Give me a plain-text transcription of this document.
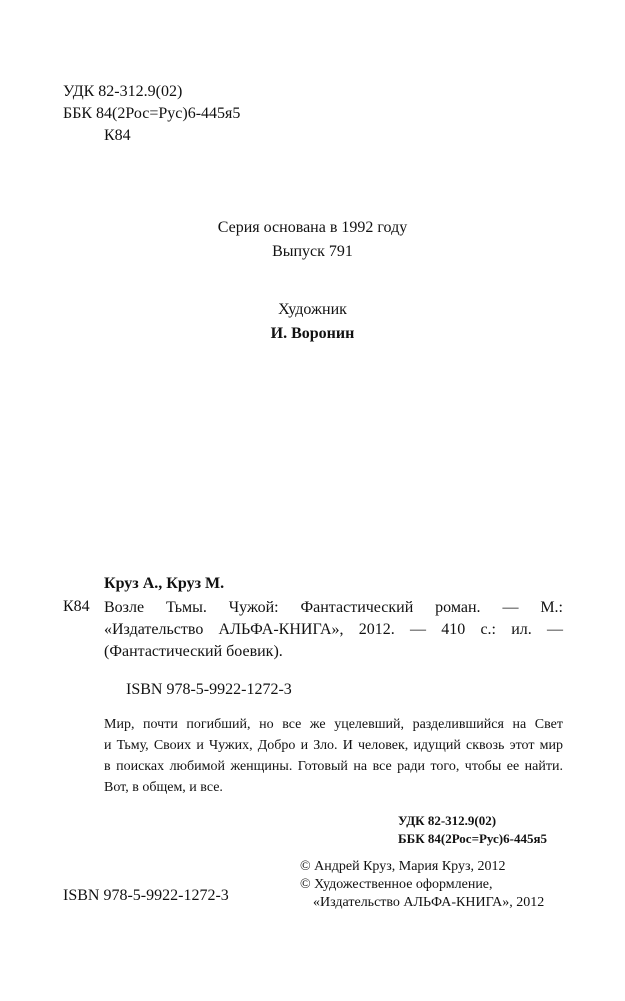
УДК 82-312.9(02)
ББК 84(2Рос=Рус)6-445я5
К84
Серия основана в 1992 году
Выпуск 791
Художник
И. Воронин
Круз А., Круз М.
К84 Возле Тьмы. Чужой: Фантастический роман. — М.:
«Издательство АЛЬФА-КНИГА», 2012. — 410 с.: ил. —
(Фантастический боевик).
ISBN 978-5-9922-1272-3
Мир, почти погибший, но все же уцелевший, разделившийся на Свет
и Тьму, Своих и Чужих, Добро и Зло. И человек, идущий сквозь этот мир
в поисках любимой женщины. Готовый на все ради того, чтобы ее найти.
Вот, в общем, и все.
УДК 82-312.9(02)
ББК 84(2Рос=Рус)6-445я5
© Андрей Круз, Мария Круз, 2012
© Художественное оформление,
«Издательство АЛЬФА-КНИГА», 2012
ISBN 978-5-9922-1272-3
